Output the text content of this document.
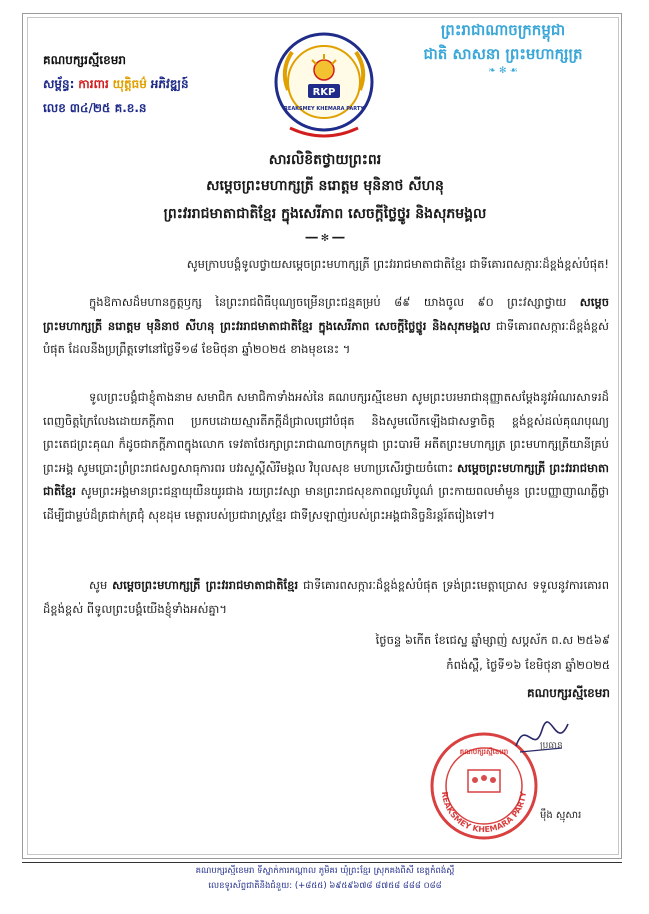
គណបក្សរស្មីខេមរា
សម្ព័ន្ធ: ការពារ យុត្តិធម៌ អភិវឌ្ឍន៍
លេខ ៣៤/២៥ គ.ខ.ន
RKP
REAKSMEY KHEMARA PARTY
ព្រះរាជាណាចក្រកម្ពុជា
ជាតិ សាសនា ព្រះមហាក្សត្រ
❧ ✻ ☙
សារលិខិតថ្វាយព្រះពរ
សម្តេចព្រះមហាក្សត្រី នរោត្តម មុនិនាថ សីហនុ
ព្រះវររាជមាតាជាតិខ្មែរ ក្នុងសេរីភាព សេចក្តីថ្លៃថ្នូរ និងសុភមង្គល
━━ ✻ ━━
សូមក្រាបបង្គំទូលថ្វាយសម្តេចព្រះមហាក្សត្រី ព្រះវររាជមាតាជាតិខ្មែរ ជាទីគោរពសក្ការៈដ៏ខ្ពង់ខ្ពស់បំផុត!
ក្នុងឱកាសដ៏មហានក្ខត្តឫក្ស នៃព្រះរាជពិធីបុណ្យចម្រើនព្រះជន្មគម្រប់ ៨៩ យាងចូល ៩០ ព្រះវស្សាថ្វាយ សម្តេចព្រះមហាក្សត្រី នរោត្តម មុនិនាថ សីហនុ ព្រះវររាជមាតាជាតិខ្មែរ ក្នុងសេរីភាព សេចក្តីថ្លៃថ្នូរ និងសុភមង្គល ជាទីគោរពសក្ការៈដ៏ខ្ពង់ខ្ពស់បំផុត ដែលនឹងប្រព្រឹត្តទៅនៅថ្ងៃទី១៨ ខែមិថុនា ឆ្នាំ២០២៥ ខាងមុខនេះ ។
ទូលព្រះបង្គំជាខ្ញុំតាងនាម សមាជិក សមាជិកាទាំងអស់នៃ គណបក្សរស្មីខេមរា សូមព្រះបរមរាជានុញ្ញាតសម្តែងនូវអំណរសាទរដ៏ពេញចិត្តក្រៃលែងដោយភក្តីភាព ប្រកបដោយស្មារតីភក្ដីដ៏ជ្រាលជ្រៅបំផុត និងសូមលើកឡើងជាសទ្ធាចិត្ត ខ្ពង់ខ្ពស់ដល់គុណបុណ្យព្រះតេជព្រះគុណ ក៏ដូចជាភក្តីភាពក្នុងលោក ទេវតាថែរក្សាព្រះរាជាណាចក្រកម្ពុជា ព្រះបារមី អតីតព្រះមហាក្សត្រ ព្រះមហាក្សត្រីយានីគ្រប់ព្រះអង្គ សូមប្រោះព្រំព្រះរាជសព្វសាធុការពរ បវរសួស្តីសិរីមង្គល វិបុលសុខ មហាប្រសើរថ្វាយចំពោះ សម្តេចព្រះមហាក្សត្រី ព្រះវររាជមាតាជាតិខ្មែរ សូមព្រះអង្គមានព្រះជន្មាយុយឺនយូរជាង រយព្រះវស្សា មានព្រះរាជសុខភាពល្អបរិបូណ៌ ព្រះកាយពលមាំមួន ព្រះបញ្ញាញាណភ្លឺថ្លា ដើម្បីជាម្លប់ដ៏ត្រជាក់ត្រជុំ សុខដុម មេត្តារបស់ប្រជារាស្ត្រខ្មែរ ជាទីស្រឡាញ់របស់ព្រះអង្គជានិច្ចនិរន្តរ៍តរៀងទៅ។
សូម សម្តេចព្រះមហាក្សត្រី ព្រះវររាជមាតាជាតិខ្មែរ ជាទីគោរពសក្ការៈដ៏ខ្ពង់ខ្ពស់បំផុត ទ្រង់ព្រះមេត្តាប្រោស ទទួលនូវការគោរពដ៏ខ្ពង់ខ្ពស់ ពីទូលព្រះបង្គំយើងខ្ញុំទាំងអស់គ្នា។
ថ្ងៃចន្ទ ៦កើត ខែជេស្ឋ ឆ្នាំម្សាញ់ សប្តស័ក ព.ស ២៥៦៩
កំពង់ស្ពឺ, ថ្ងៃទី១៦ ខែមិថុនា ឆ្នាំ២០២៥
គណបក្សរស្មីខេមរា
REAKSMEY KHEMARA PARTY
គណបក្សរស្មីខេមរា
ប្រធាន
ម៉ឹង ស្មុសារ
គណបក្សរស្មីខេមរា ទីស្នាក់ការកណ្តាល ភូមិគរ ឃុំព្រះខ្មែរ ស្រុកគងពិសី ខេត្តកំពង់ស្ពឺ
លេខទូរស័ព្ទជាតិនិងជំនួយ: (+៨៥៥) ៦៩៥៩៦៧៨ ៨៧៥៨ ៨៨៨ ០៨៨
